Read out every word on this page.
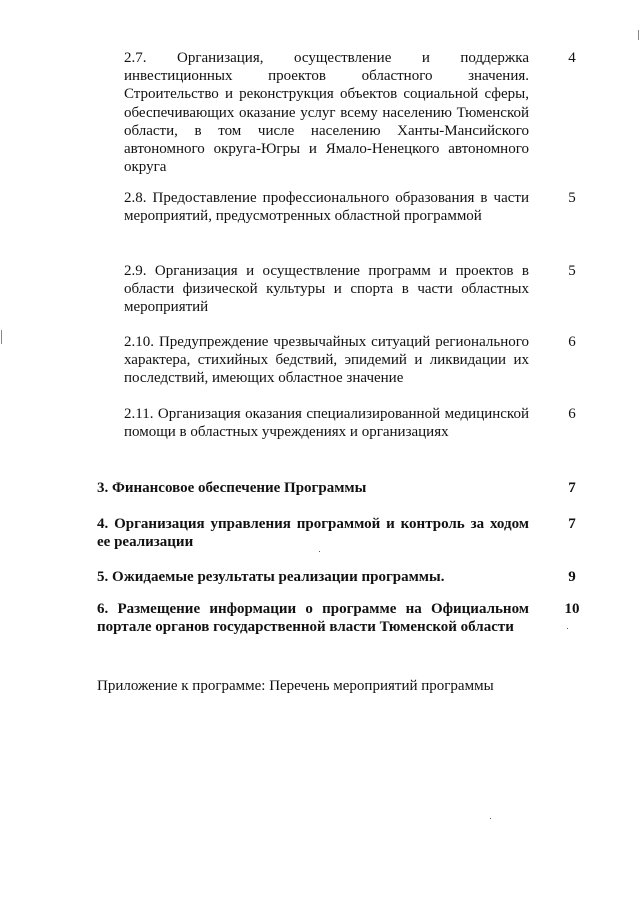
2.7. Организация, осуществление и поддержка инвестиционных проектов областного значения. Строительство и реконструкция объектов социальной сферы, обеспечивающих оказание услуг всему населению Тюменской области, в том числе населению Ханты-Мансийского автономного округа-Югры и Ямало-Ненецкого автономного округа
4
2.8. Предоставление профессионального образования в части мероприятий, предусмотренных областной программой
5
2.9. Организация и осуществление программ и проектов в области физической культуры и спорта в части областных мероприятий
5
2.10. Предупреждение чрезвычайных ситуаций регионального характера, стихийных бедствий, эпидемий и ликвидации их последствий, имеющих областное значение
6
2.11. Организация оказания специализированной медицинской помощи в областных учреждениях и организациях
6
3. Финансовое обеспечение Программы	7
4. Организация управления программой и контроль за ходом ее реализации
7
5. Ожидаемые результаты реализации программы.	9
6. Размещение информации о программе на Официальном портале органов государственной власти Тюменской области
10
Приложение к программе: Перечень мероприятий программы
